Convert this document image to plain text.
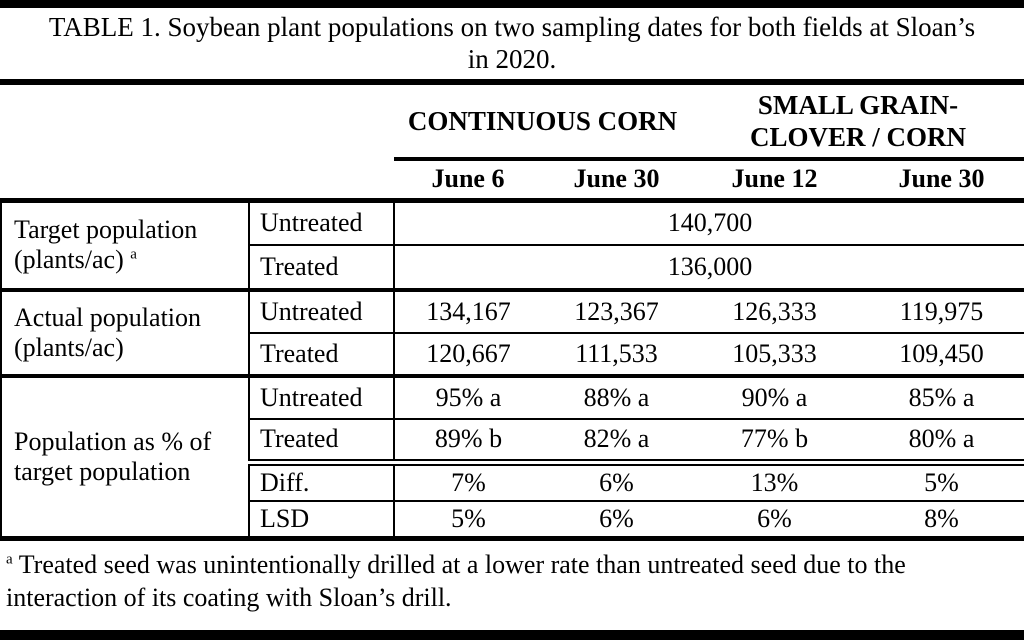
TABLE 1. Soybean plant populations on two sampling dates for both fields at Sloan’s
in 2020.

		CONTINUOUS CORN		SMALL GRAIN-
CLOVER / CORN	

		June 6	June 30	June 12	June 30
Target population (plants/ac) $^a$	Untreated	140,700			
	Treated	136,000			
Actual population (plants/ac)	Untreated	134,167	123,367	126,333	119,975
	Treated	120,667	111,533	105,333	109,450
Population as % of target population	Untreated	95% a	88% a	90% a	85% a
	Treated	89% b	82% a	77% b	80% a
	Diff.	7%	6%	13%	5%
	LSD	5%	6%	6%	8%
$^a$ Treated seed was unintentionally drilled at a lower rate than untreated seed due to the interaction of its coating with Sloan’s drill.
